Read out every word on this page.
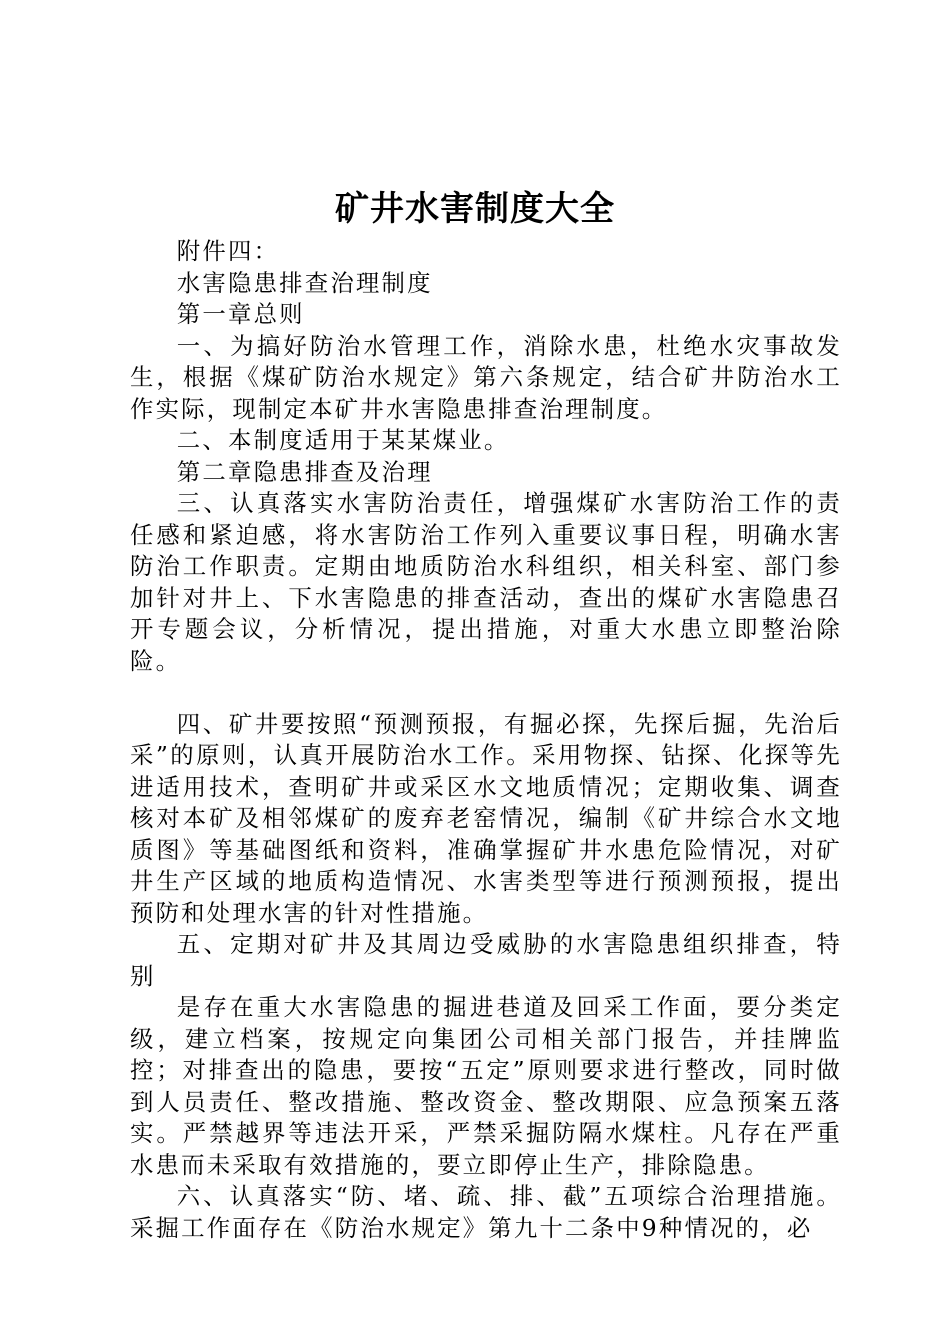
矿井水害制度大全

附件四：

水害隐患排查治理制度

第一章总则

一、为搞好防治水管理工作，消除水患，杜绝水灾事故发生，根据《煤矿防治水规定》第六条规定，结合矿井防治水工作实际，现制定本矿井水害隐患排查治理制度。

二、本制度适用于某某煤业。

第二章隐患排查及治理

三、认真落实水害防治责任，增强煤矿水害防治工作的责任感和紧迫感，将水害防治工作列入重要议事日程，明确水害防治工作职责。定期由地质防治水科组织，相关科室、部门参加针对井上、下水害隐患的排查活动，查出的煤矿水害隐患召开专题会议，分析情况，提出措施，对重大水患立即整治除险。

四、矿井要按照“预测预报，有掘必探，先探后掘，先治后采”的原则，认真开展防治水工作。采用物探、钻探、化探等先进适用技术，查明矿井或采区水文地质情况；定期收集、调查核对本矿及相邻煤矿的废弃老窑情况，编制《矿井综合水文地质图》等基础图纸和资料，准确掌握矿井水患危险情况，对矿井生产区域的地质构造情况、水害类型等进行预测预报，提出预防和处理水害的针对性措施。

五、定期对矿井及其周边受威胁的水害隐患组织排查，特别

是存在重大水害隐患的掘进巷道及回采工作面，要分类定级，建立档案，按规定向集团公司相关部门报告，并挂牌监控；对排查出的隐患，要按“五定”原则要求进行整改，同时做到人员责任、整改措施、整改资金、整改期限、应急预案五落实。严禁越界等违法开采，严禁采掘防隔水煤柱。凡存在严重水患而未采取有效措施的，要立即停止生产，排除隐患。

六、认真落实“防、堵、疏、排、截”五项综合治理措施。采掘工作面存在《防治水规定》第九十二条中9种情况的，必
